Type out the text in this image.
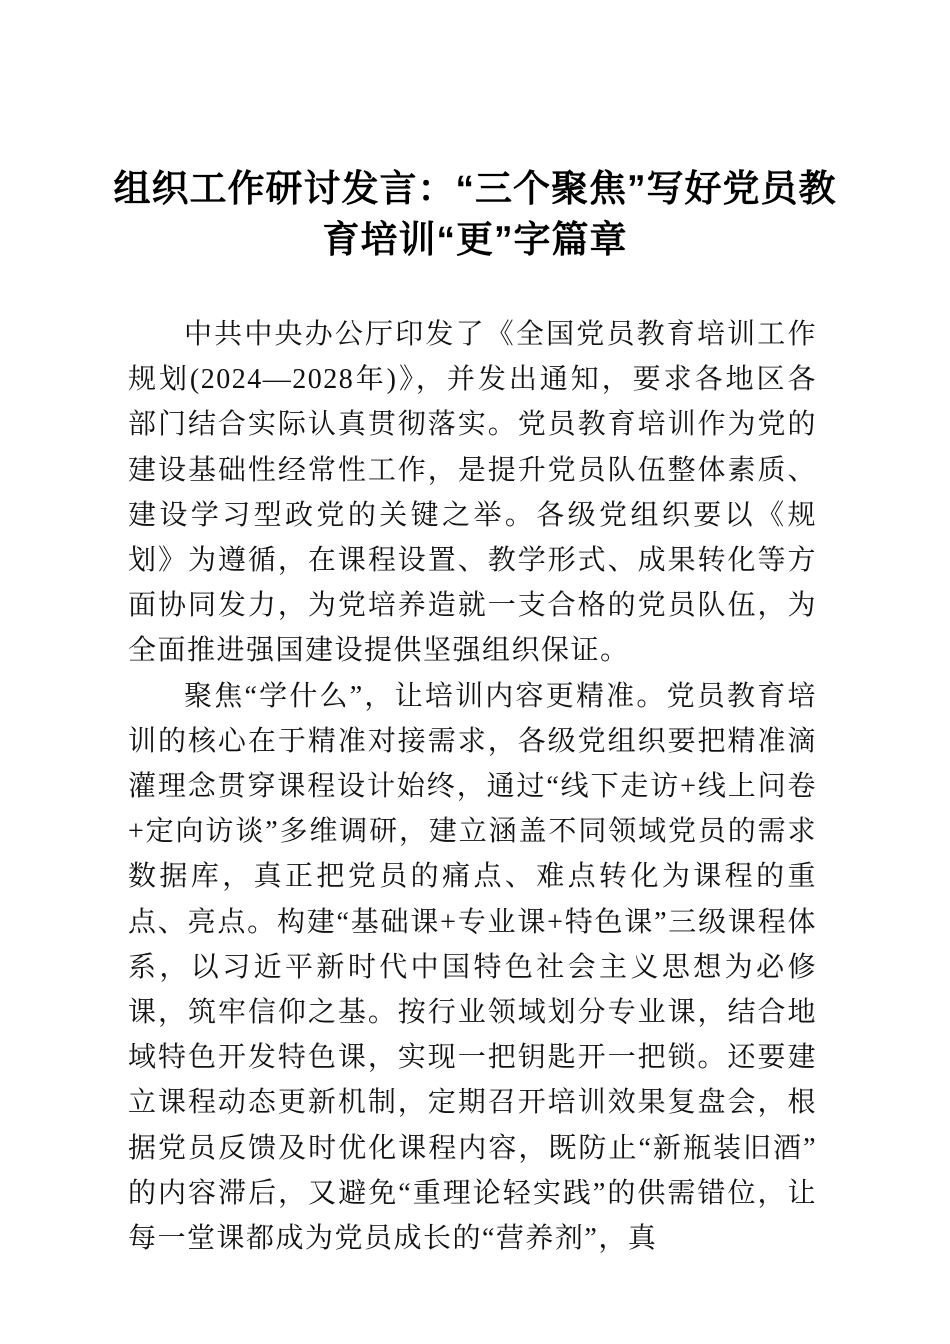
组织工作研讨发言：“三个聚焦”写好党员教育培训“更”字篇章

中共中央办公厅印发了《全国党员教育培训工作规划(2024—2028年)》，并发出通知，要求各地区各部门结合实际认真贯彻落实。党员教育培训作为党的建设基础性经常性工作，是提升党员队伍整体素质、建设学习型政党的关键之举。各级党组织要以《规划》为遵循，在课程设置、教学形式、成果转化等方面协同发力，为党培养造就一支合格的党员队伍，为全面推进强国建设提供坚强组织保证。

聚焦“学什么”，让培训内容更精准。党员教育培训的核心在于精准对接需求，各级党组织要把精准滴灌理念贯穿课程设计始终，通过“线下走访+线上问卷+定向访谈”多维调研，建立涵盖不同领域党员的需求数据库，真正把党员的痛点、难点转化为课程的重点、亮点。构建“基础课+专业课+特色课”三级课程体系，以习近平新时代中国特色社会主义思想为必修课，筑牢信仰之基。按行业领域划分专业课，结合地域特色开发特色课，实现一把钥匙开一把锁。还要建立课程动态更新机制，定期召开培训效果复盘会，根据党员反馈及时优化课程内容，既防止“新瓶装旧酒”的内容滞后，又避免“重理论轻实践”的供需错位，让每一堂课都成为党员成长的“营养剂”，真
